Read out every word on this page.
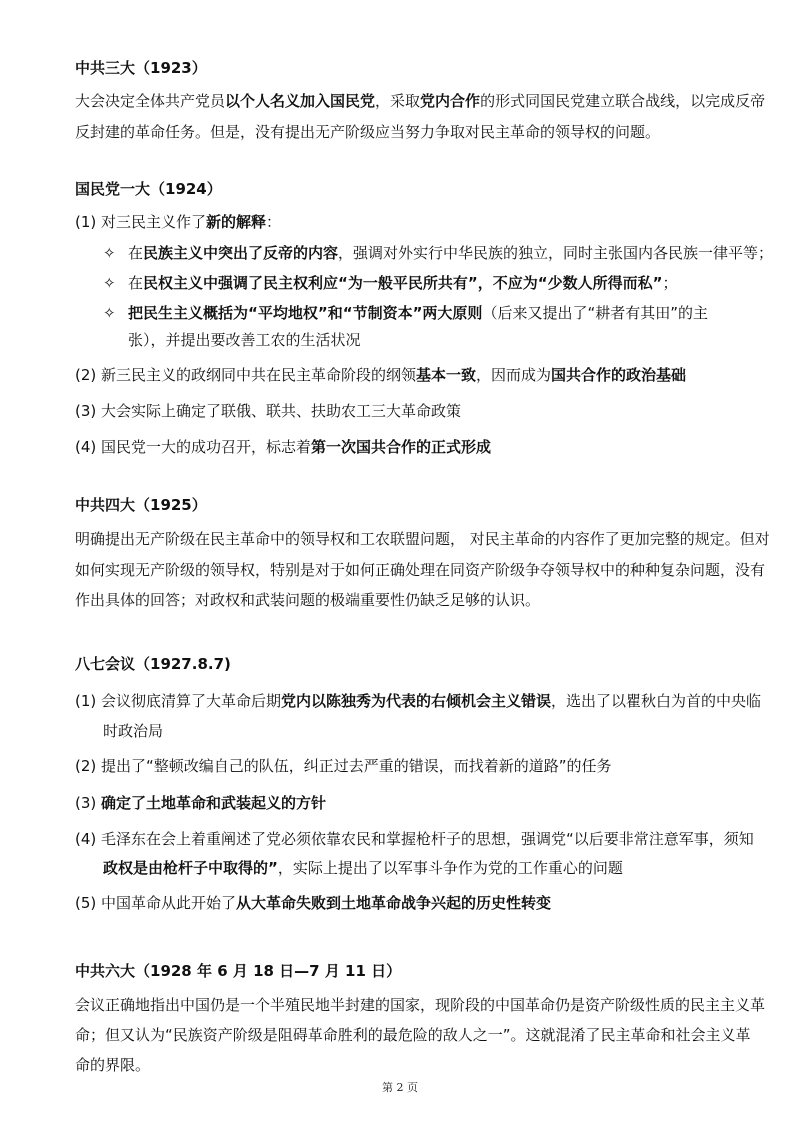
中共三大（1923）
大会决定全体共产党员以个人名义加入国民党，采取党内合作的形式同国民党建立联合战线，以完成反帝
反封建的革命任务。但是，没有提出无产阶级应当努力争取对民主革命的领导权的问题。
国民党一大（1924）
(1) 对三民主义作了新的解释：
✧ 在民族主义中突出了反帝的内容，强调对外实行中华民族的独立，同时主张国内各民族一律平等；
✧ 在民权主义中强调了民主权利应“为一般平民所共有”，不应为“少数人所得而私”；
✧ 把民生主义概括为“平均地权”和“节制资本”两大原则（后来又提出了“耕者有其田”的主
张），并提出要改善工农的生活状况
(2) 新三民主义的政纲同中共在民主革命阶段的纲领基本一致，因而成为国共合作的政治基础
(3) 大会实际上确定了联俄、联共、扶助农工三大革命政策
(4) 国民党一大的成功召开，标志着第一次国共合作的正式形成
中共四大（1925）
明确提出无产阶级在民主革命中的领导权和工农联盟问题， 对民主革命的内容作了更加完整的规定。但对
如何实现无产阶级的领导权，特别是对于如何正确处理在同资产阶级争夺领导权中的种种复杂问题，没有
作出具体的回答；对政权和武装问题的极端重要性仍缺乏足够的认识。
八七会议（1927.8.7)
(1) 会议彻底清算了大革命后期党内以陈独秀为代表的右倾机会主义错误，选出了以瞿秋白为首的中央临
时政治局
(2) 提出了“整顿改编自己的队伍，纠正过去严重的错误，而找着新的道路”的任务
(3) 确定了土地革命和武装起义的方针
(4) 毛泽东在会上着重阐述了党必须依靠农民和掌握枪杆子的思想，强调党“以后要非常注意军事，须知
政权是由枪杆子中取得的”，实际上提出了以军事斗争作为党的工作重心的问题
(5) 中国革命从此开始了从大革命失败到土地革命战争兴起的历史性转变
中共六大（1928 年 6 月 18 日—7 月 11 日）
会议正确地指出中国仍是一个半殖民地半封建的国家，现阶段的中国革命仍是资产阶级性质的民主主义革
命；但又认为“民族资产阶级是阻碍革命胜利的最危险的敌人之一”。这就混淆了民主革命和社会主义革
命的界限。
第 2 页
